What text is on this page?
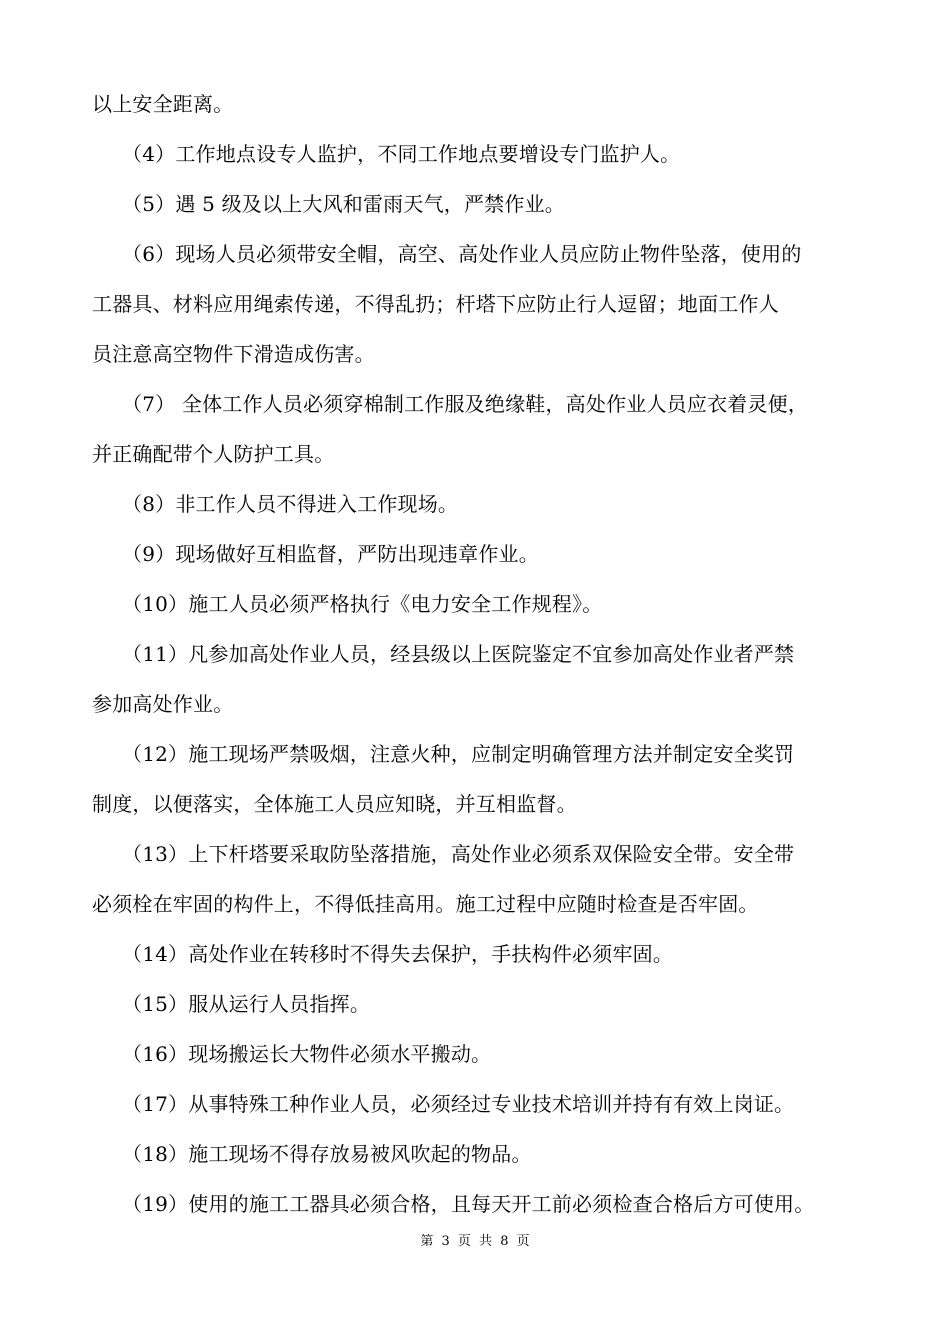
以上安全距离。
（4）工作地点设专人监护，不同工作地点要增设专门监护人。
（5）遇 5 级及以上大风和雷雨天气，严禁作业。
（6）现场人员必须带安全帽，高空、高处作业人员应防止物件坠落，使用的
工器具、材料应用绳索传递，不得乱扔；杆塔下应防止行人逗留；地面工作人
员注意高空物件下滑造成伤害。
（7） 全体工作人员必须穿棉制工作服及绝缘鞋，高处作业人员应衣着灵便，
并正确配带个人防护工具。
（8）非工作人员不得进入工作现场。
（9）现场做好互相监督，严防出现违章作业。
（10）施工人员必须严格执行《电力安全工作规程》。
（11）凡参加高处作业人员，经县级以上医院鉴定不宜参加高处作业者严禁
参加高处作业。
（12）施工现场严禁吸烟，注意火种，应制定明确管理方法并制定安全奖罚
制度，以便落实，全体施工人员应知晓，并互相监督。
（13）上下杆塔要采取防坠落措施，高处作业必须系双保险安全带。安全带
必须栓在牢固的构件上，不得低挂高用。施工过程中应随时检查是否牢固。
（14）高处作业在转移时不得失去保护，手扶构件必须牢固。
（15）服从运行人员指挥。
（16）现场搬运长大物件必须水平搬动。
（17）从事特殊工种作业人员，必须经过专业技术培训并持有有效上岗证。
（18）施工现场不得存放易被风吹起的物品。
（19）使用的施工工器具必须合格，且每天开工前必须检查合格后方可使用。
第 3 页 共 8 页
